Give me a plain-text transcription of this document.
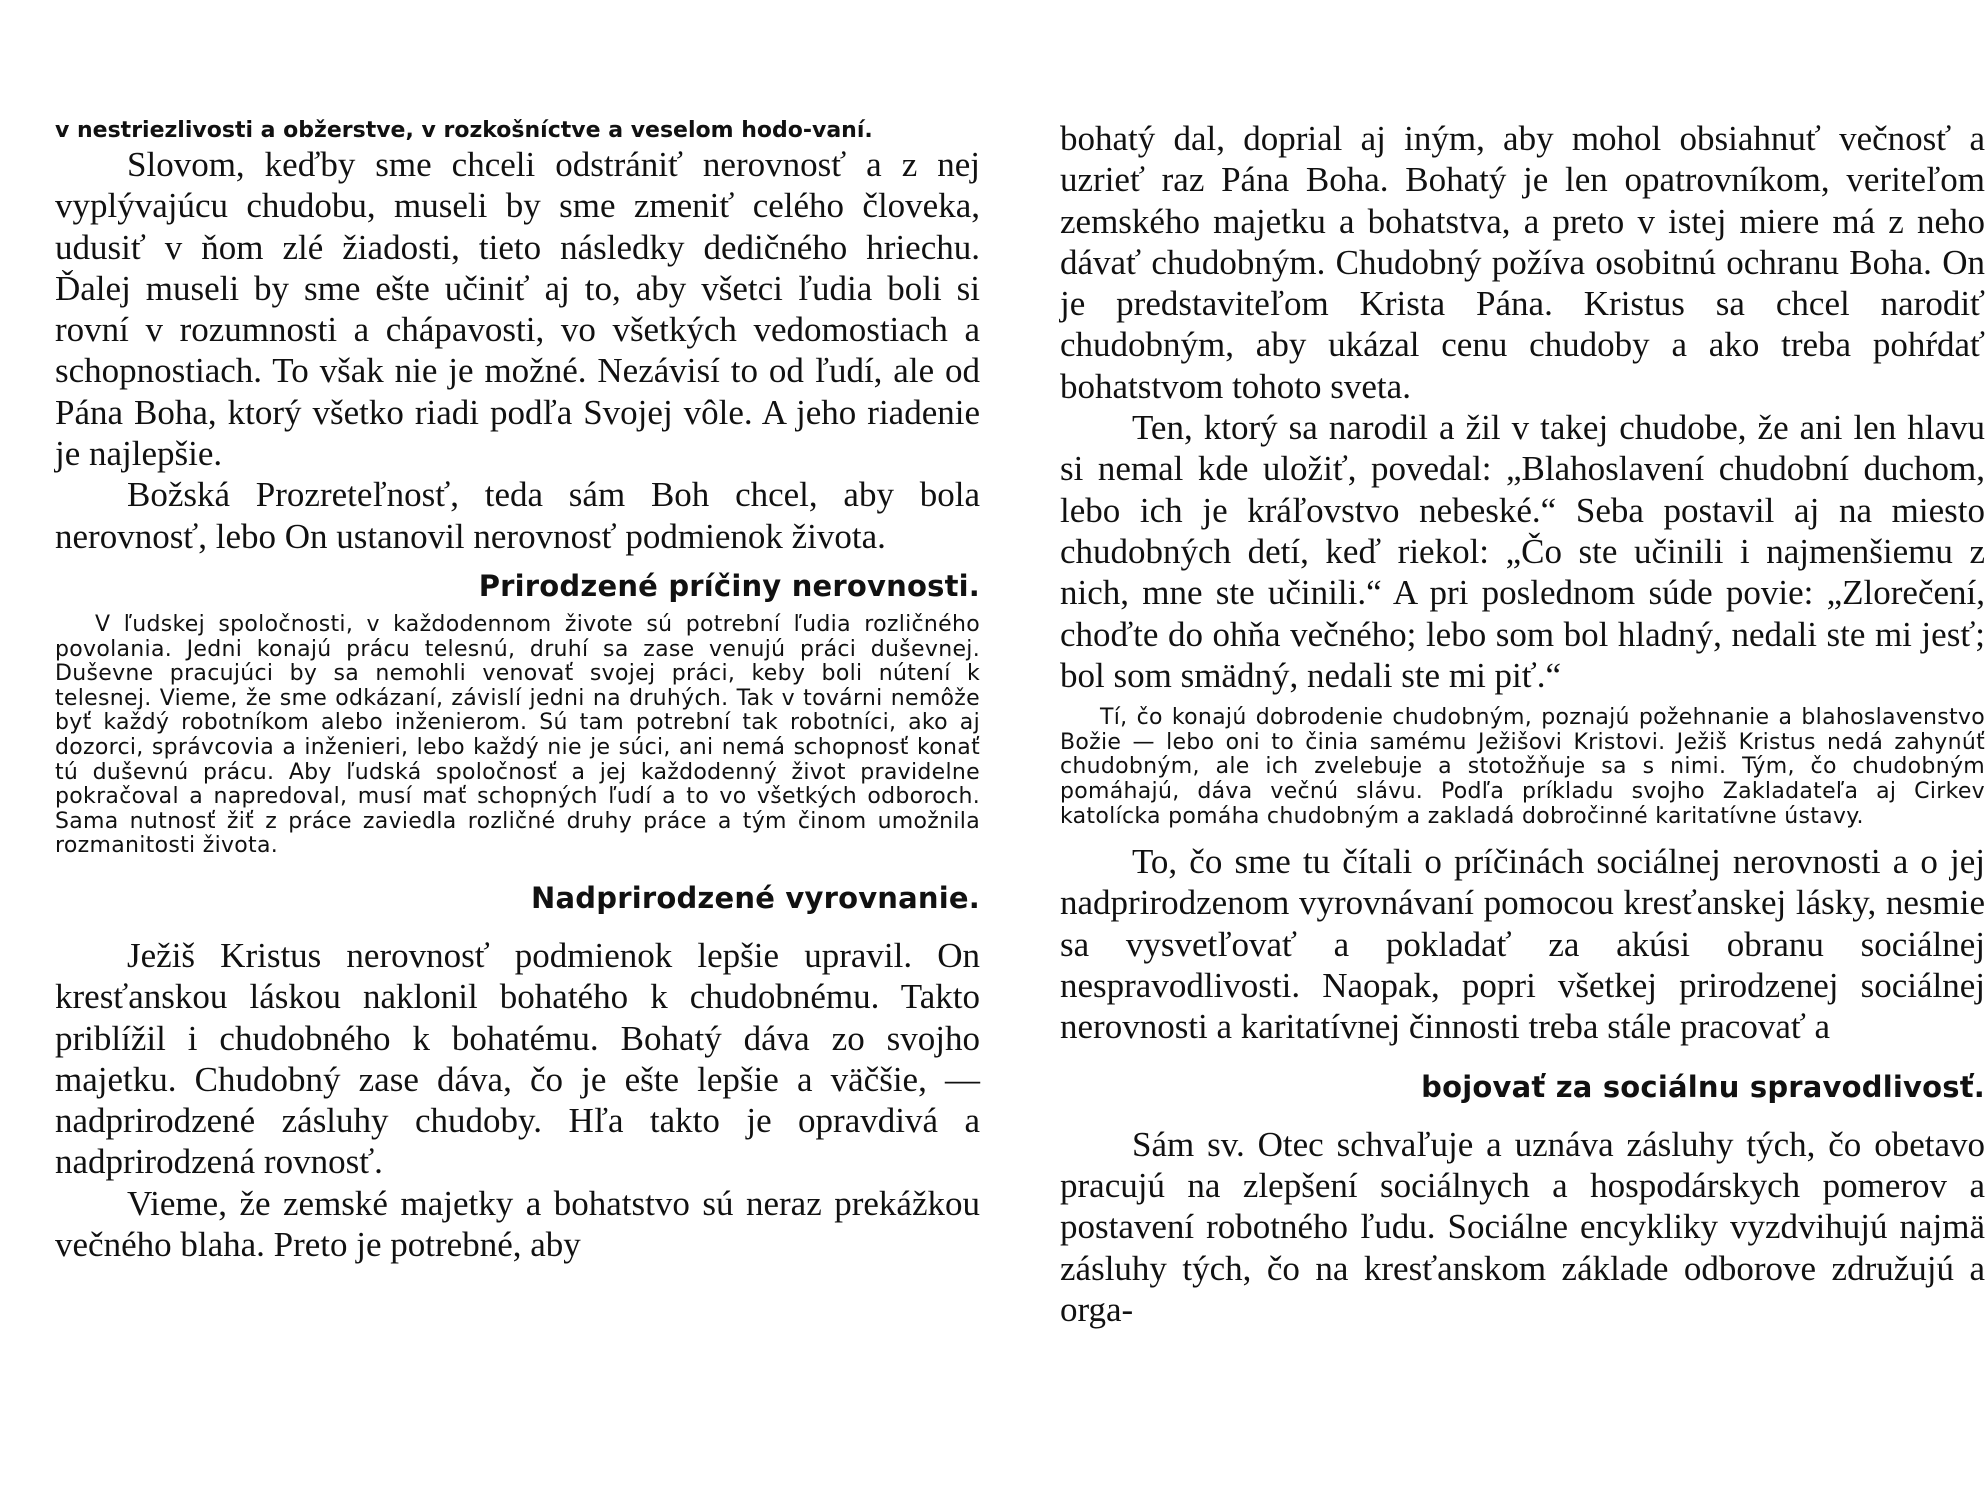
v nestriezlivosti a obžerstve, v rozkošníctve a veselom hodo-vaní.

Slovom, keďby sme chceli odstrániť nerovnosť a z nej vyplývajúcu chudobu, museli by sme zmeniť celého človeka, udusiť v ňom zlé žiadosti, tieto následky dedičného hriechu. Ďalej museli by sme ešte učiniť aj to, aby všetci ľudia boli si rovní v rozumnosti a chápavosti, vo všetkých vedomostiach a schopnostiach. To však nie je možné. Nezávisí to od ľudí, ale od Pána Boha, ktorý všetko riadi podľa Svojej vôle. A jeho riadenie je najlepšie.

Božská Prozreteľnosť, teda sám Boh chcel, aby bola nerovnosť, lebo On ustanovil nerovnosť podmienok života.

Prirodzené príčiny nerovnosti.

V ľudskej spoločnosti, v každodennom živote sú potrební ľudia rozličného povolania. Jedni konajú prácu telesnú, druhí sa zase venujú práci duševnej. Duševne pracujúci by sa nemohli venovať svojej práci, keby boli nútení k telesnej. Vieme, že sme odkázaní, závislí jedni na druhých. Tak v továrni nemôže byť každý robotníkom alebo inženierom. Sú tam potrební tak robotníci, ako aj dozorci, správcovia a inženieri, lebo každý nie je súci, ani nemá schopnosť konať tú duševnú prácu. Aby ľudská spoločnosť a jej každodenný život pravidelne pokračoval a napredoval, musí mať schopných ľudí a to vo všetkých odboroch. Sama nutnosť žiť z práce zaviedla rozličné druhy práce a tým činom umožnila rozmanitosti života.

Nadprirodzené vyrovnanie.

Ježiš Kristus nerovnosť podmienok lepšie upravil. On kresťanskou láskou naklonil bohatého k chudobnému. Takto priblížil i chudobného k bohatému. Bohatý dáva zo svojho majetku. Chudobný zase dáva, čo je ešte lepšie a väčšie, — nadprirodzené zásluhy chudoby. Hľa takto je opravdivá a nadprirodzená rovnosť.

Vieme, že zemské majetky a bohatstvo sú neraz prekážkou večného blaha. Preto je potrebné, aby

bohatý dal, doprial aj iným, aby mohol obsiahnuť večnosť a uzrieť raz Pána Boha. Bohatý je len opatrovníkom, veriteľom zemského majetku a bohatstva, a preto v istej miere má z neho dávať chudobným. Chudobný požíva osobitnú ochranu Boha. On je predstaviteľom Krista Pána. Kristus sa chcel narodiť chudobným, aby ukázal cenu chudoby a ako treba pohŕdať bohatstvom tohoto sveta.

Ten, ktorý sa narodil a žil v takej chudobe, že ani len hlavu si nemal kde uložiť, povedal: „Blahoslavení chudobní duchom, lebo ich je kráľovstvo nebeské.“ Seba postavil aj na miesto chudobných detí, keď riekol: „Čo ste učinili i najmenšiemu z nich, mne ste učinili.“ A pri poslednom súde povie: „Zlorečení, choďte do ohňa večného; lebo som bol hladný, nedali ste mi jesť; bol som smädný, nedali ste mi piť.“

Tí, čo konajú dobrodenie chudobným, poznajú požehnanie a blahoslavenstvo Božie — lebo oni to činia samému Ježišovi Kristovi. Ježiš Kristus nedá zahynúť chudobným, ale ich zvelebuje a stotožňuje sa s nimi. Tým, čo chudobným pomáhajú, dáva večnú slávu. Podľa príkladu svojho Zakladateľa aj Cirkev katolícka pomáha chudobným a zakladá dobročinné karitatívne ústavy.

To, čo sme tu čítali o príčinách sociálnej nerovnosti a o jej nadprirodzenom vyrovnávaní pomocou kresťanskej lásky, nesmie sa vysvetľovať a pokladať za akúsi obranu sociálnej nespravodlivosti. Naopak, popri všetkej prirodzenej sociálnej nerovnosti a karitatívnej činnosti treba stále pracovať a

bojovať za sociálnu spravodlivosť.

Sám sv. Otec schvaľuje a uznáva zásluhy tých, čo obetavo pracujú na zlepšení sociálnych a hospodárskych pomerov a postavení robotného ľudu. Sociálne encykliky vyzdvihujú najmä zásluhy tých, čo na kresťanskom základe odborove združujú a orga-
